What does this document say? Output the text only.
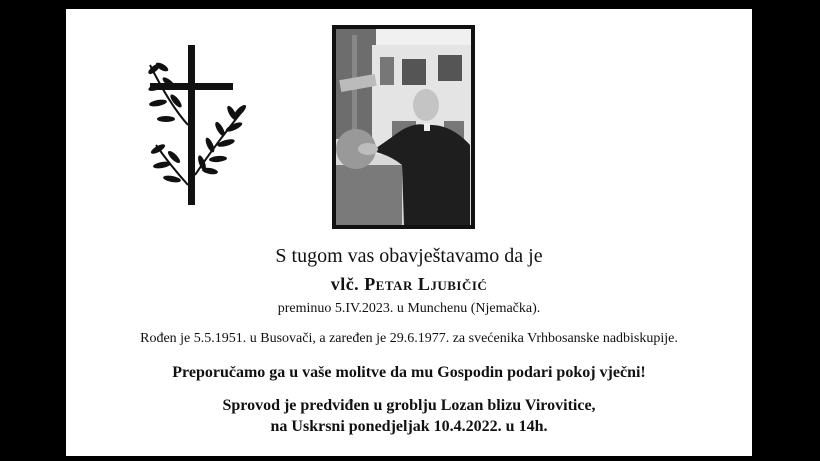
S tugom vas obavještavamo da je
vlč. Petar Ljubičić
preminuo 5.IV.2023. u Munchenu (Njemačka).
Rođen je 5.5.1951. u Busovači, a zaređen je 29.6.1977. za svećenika Vrhbosanske nadbiskupije.
Preporučamo ga u vaše molitve da mu Gospodin podari pokoj vječni!
Sprovod je predviđen u groblju Lozan blizu Virovitice,
na Uskrsni ponedjeljak 10.4.2022. u 14h.
